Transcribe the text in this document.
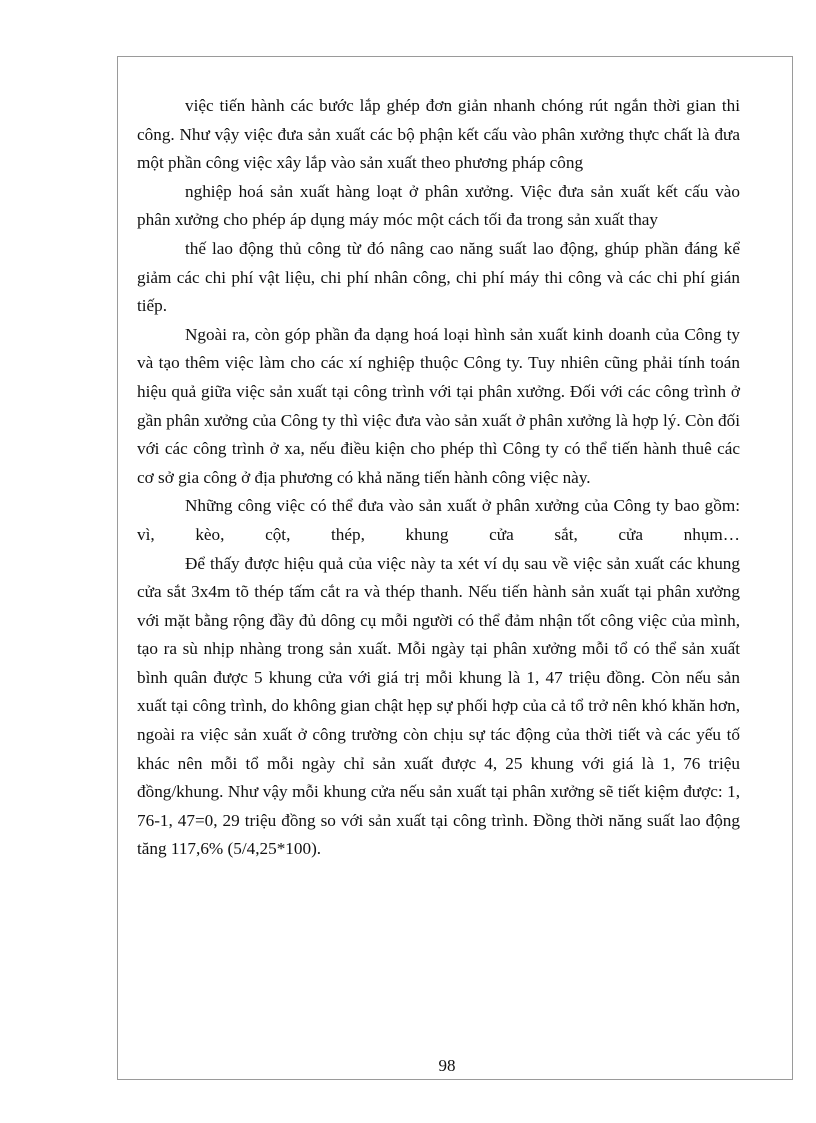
việc tiến hành các bước lắp ghép đơn giản nhanh chóng rút ngắn thời gian thi công. Như vậy việc đưa sản xuất các bộ phận kết cấu vào phân xưởng thực chất là đưa một phần công việc xây lắp vào sản xuất theo phương pháp công

nghiệp hoá sản xuất hàng loạt ở phân xưởng. Việc đưa sản xuất kết cấu vào phân xưởng cho phép áp dụng máy móc một cách tối đa trong sản xuất thay

thế lao động thủ công từ đó nâng cao năng suất lao động, ghúp phần đáng kể giảm các chi phí vật liệu, chi phí nhân công, chi phí máy thi công và các chi phí gián tiếp.

Ngoài ra, còn góp phần đa dạng hoá loại hình sản xuất kinh doanh của Công ty và tạo thêm việc làm cho các xí nghiệp thuộc Công ty. Tuy nhiên cũng phải tính toán hiệu quả giữa việc sản xuất tại công trình với tại phân xưởng. Đối với các công trình ở gần phân xưởng của Công ty thì việc đưa vào sản xuất ở phân xưởng là hợp lý. Còn đối với các công trình ở xa, nếu điều kiện cho phép thì Công ty có thể tiến hành thuê các cơ sở gia công ở địa phương có khả năng tiến hành công việc này.

Những công việc có thể đưa vào sản xuất ở phân xưởng của Công ty bao gồm: vì, kèo, cột, thép, khung cửa sắt, cửa nhụm…

Để thấy được hiệu quả của việc này ta xét ví dụ sau về việc sản xuất các khung cửa sắt 3x4m tõ thép tấm cắt ra và thép thanh. Nếu tiến hành sản xuất tại phân xưởng với mặt bằng rộng đầy đủ dông cụ mỗi người có thể đảm nhận tốt công việc của mình, tạo ra sù nhịp nhàng trong sản xuất. Mỗi ngày tại phân xưởng mỗi tổ có thể sản xuất bình quân được 5 khung cửa với giá trị mỗi khung là 1, 47 triệu đồng. Còn nếu sản xuất tại công trình, do không gian chật hẹp sự phối hợp của cả tổ trở nên khó khăn hơn, ngoài ra việc sản xuất ở công trường còn chịu sự tác động của thời tiết và các yếu tố khác nên mỗi tổ mỗi ngày chỉ sản xuất được 4, 25 khung với giá là 1, 76 triệu đồng/khung. Như vậy mỗi khung cửa nếu sản xuất tại phân xưởng sẽ tiết kiệm được: 1, 76-1, 47=0, 29 triệu đồng so với sản xuất tại công trình. Đồng thời năng suất lao động tăng 117,6% (5/4,25*100).

98
